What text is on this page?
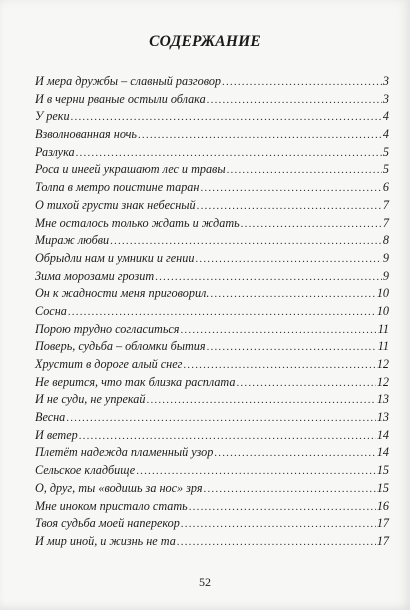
СОДЕРЖАНИЕ
И мера дружбы – славный разговор .....	3
И в черни рваные остыли облака .....	3
У реки .....	4
Взволнованная ночь .....	4
Разлука .....	5
Роса и инеей украшают лес и травы .....	5
Толпа в метро поистине таран .....	6
О тихой грусти знак небесный .....	7
Мне осталось только ждать и ждать .....	7
Мираж любви .....	8
Обрыдли нам и умники и гении .....	9
Зима морозами грозит .....	9
Он к жадности меня приговорил. .....	10
Сосна .....	10
Порою трудно согласиться .....	11
Поверь, судьба – обломки бытия .....	11
Хрустит в дороге алый снег .....	12
Не верится, что так близка расплата .....	12
И не суди, не упрекай .....	13
Весна .....	13
И ветер .....	14
Плетёт надежда пламенный узор .....	14
Сельское кладбище .....	15
О, друг, ты «водишь за нос» зря .....	15
Мне иноком пристало стать .....	16
Твоя судьба моей наперекор .....	17
И мир иной, и жизнь не та .....	17
52
